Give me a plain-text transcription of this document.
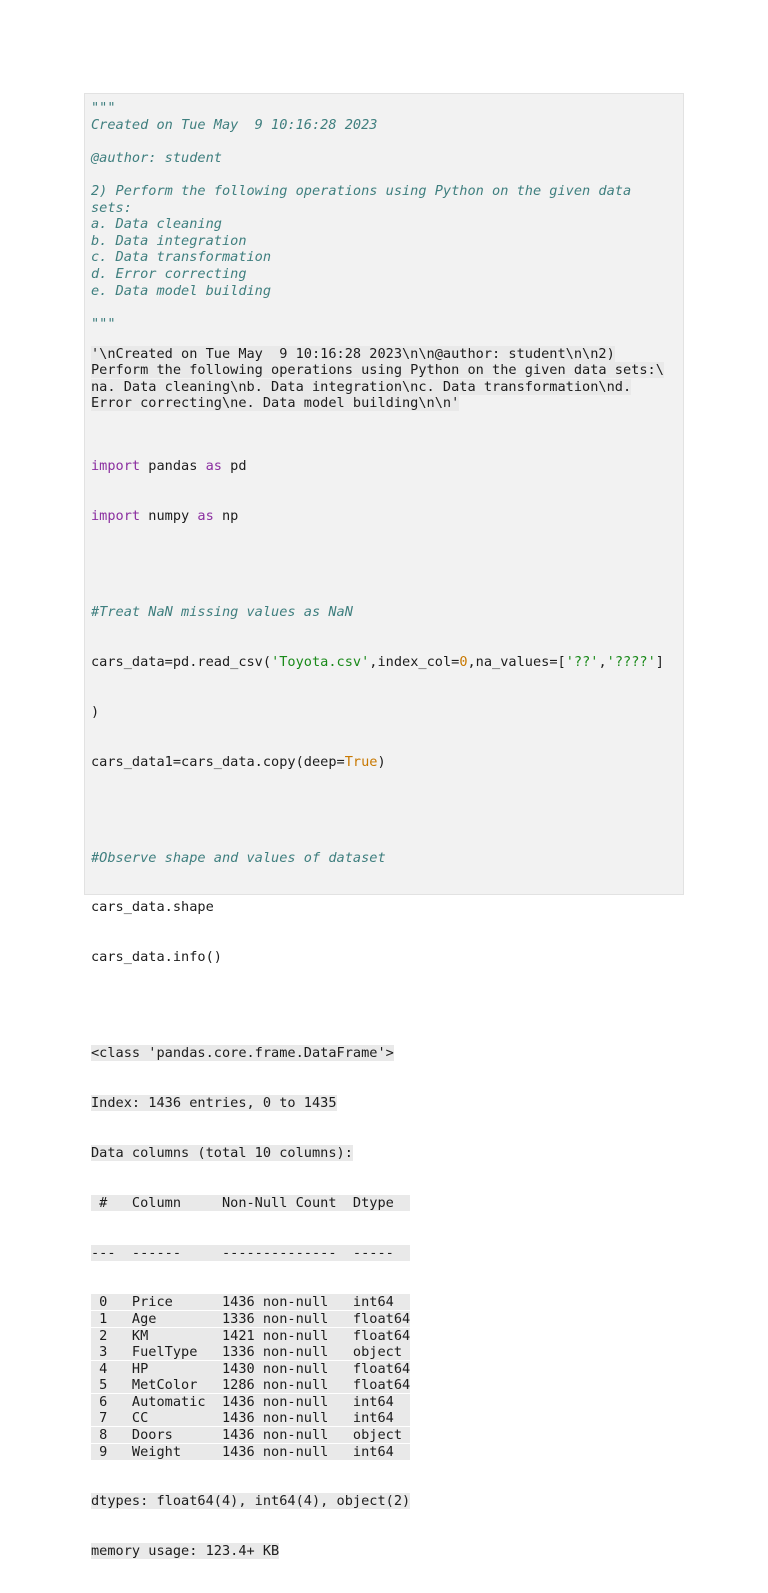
"""
Created on Tue May  9 10:16:28 2023
@author: student
2) Perform the following operations using Python on the given data
sets:
a. Data cleaning
b. Data integration
c. Data transformation
d. Error correcting
e. Data model building
"""
'\nCreated on Tue May  9 10:16:28 2023\n\n@author: student\n\n2)
Perform the following operations using Python on the given data sets:\
na. Data cleaning\nb. Data integration\nc. Data transformation\nd.
Error correcting\ne. Data model building\n\n'

import pandas as pd

import numpy as np

#Treat NaN missing values as NaN

cars_data=pd.read_csv('Toyota.csv',index_col=0,na_values=['??','????']

)

cars_data1=cars_data.copy(deep=True)

#Observe shape and values of dataset

cars_data.shape

cars_data.info()

<class 'pandas.core.frame.DataFrame'>

Index: 1436 entries, 0 to 1435

Data columns (total 10 columns):

#   Column     Non-Null Count  Dtype

---  ------     --------------  -----

0   Price      1436 non-null   int64
1   Age        1336 non-null   float64
2   KM         1421 non-null   float64
3   FuelType   1336 non-null   object
4   HP         1430 non-null   float64
5   MetColor   1286 non-null   float64
6   Automatic  1436 non-null   int64
7   CC         1436 non-null   int64
8   Doors      1436 non-null   object
9   Weight     1436 non-null   int64

dtypes: float64(4), int64(4), object(2)

memory usage: 123.4+ KB
